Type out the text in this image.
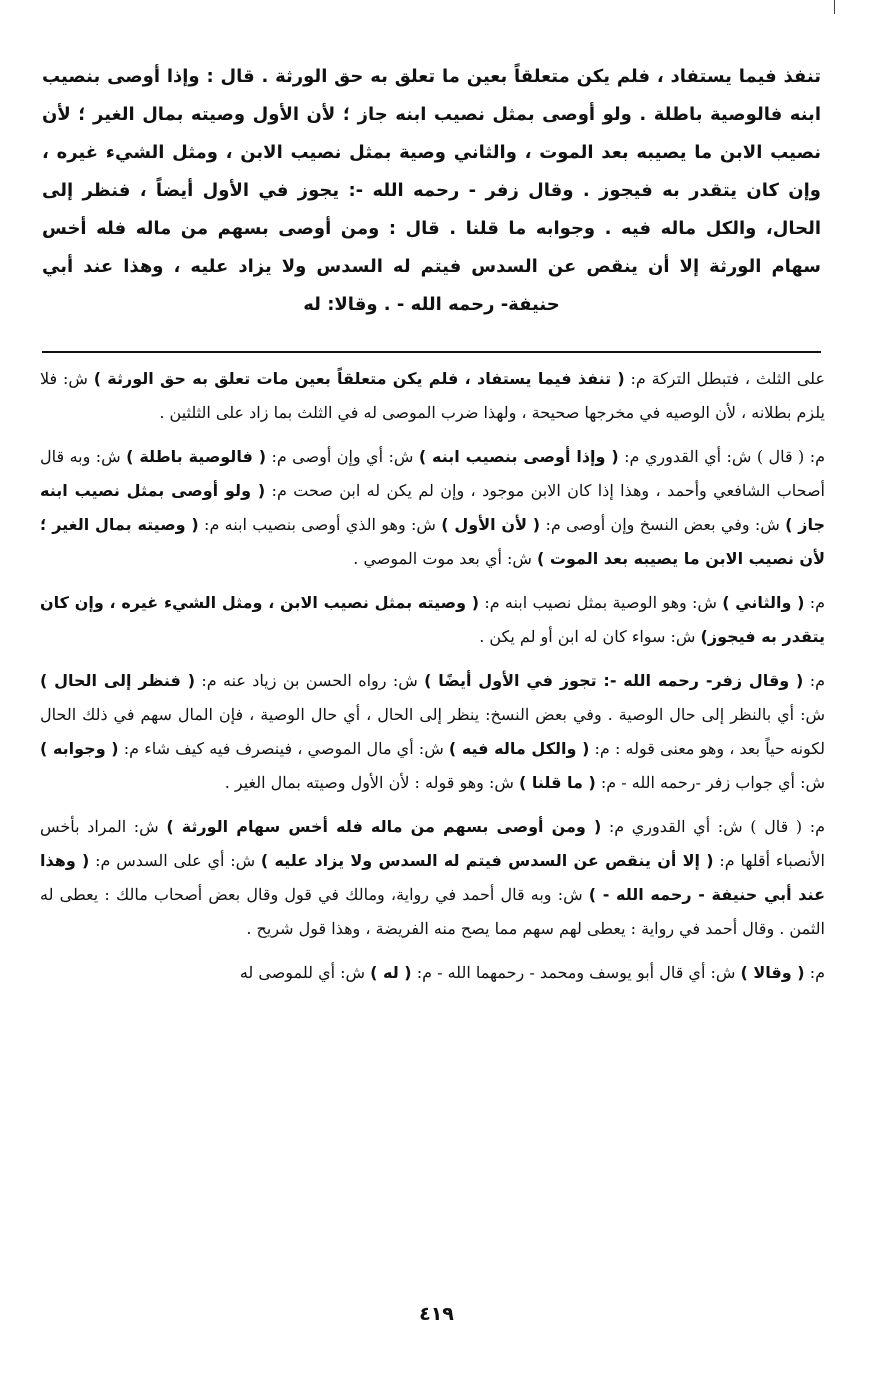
تنفذ فيما يستفاد ، فلم يكن متعلقاً بعين ما تعلق به حق الورثة . قال : وإذا أوصى بنصيب ابنه فالوصية باطلة . ولو أوصى بمثل نصيب ابنه جاز ؛ لأن الأول وصيته بمال الغير ؛ لأن نصيب الابن ما يصيبه بعد الموت ، والثاني وصية بمثل نصيب الابن ، ومثل الشيء غيره ، وإن كان يتقدر به فيجوز . وقال زفر - رحمه الله -: يجوز في الأول أيضاً ، فنظر إلى الحال، والكل ماله فيه . وجوابه ما قلنا . قال : ومن أوصى بسهم من ماله فله أخس سهام الورثة إلا أن ينقص عن السدس فيتم له السدس ولا يزاد عليه ، وهذا عند أبي حنيفة- رحمه الله - . وقالا: له

على الثلث ، فتبطل التركة م: ( تنفذ فيما يستفاد ، فلم يكن متعلقاً بعين مات تعلق به حق الورثة ) ش: فلا يلزم بطلانه ، لأن الوصيه في مخرجها صحيحة ، ولهذا ضرب الموصى له في الثلث بما زاد على الثلثين .

م: ( قال ) ش: أي القدوري م: ( وإذا أوصى بنصيب ابنه ) ش: أي وإن أوصى م: ( فالوصية باطلة ) ش: وبه قال أصحاب الشافعي وأحمد ، وهذا إذا كان الابن موجود ، وإن لم يكن له ابن صحت م: ( ولو أوصى بمثل نصيب ابنه جاز ) ش: وفي بعض النسخ وإن أوصى م: ( لأن الأول ) ش: وهو الذي أوصى بنصيب ابنه م: ( وصيته بمال الغير ؛ لأن نصيب الابن ما يصيبه بعد الموت ) ش: أي بعد موت الموصي .

م: ( والثاني ) ش: وهو الوصية بمثل نصيب ابنه م: ( وصيته بمثل نصيب الابن ، ومثل الشيء غيره ، وإن كان يتقدر به فيجوز) ش: سواء كان له ابن أو لم يكن .

م: ( وقال زفر- رحمه الله -: تجوز في الأول أيضًا ) ش: رواه الحسن بن زياد عنه م: ( فنظر إلى الحال ) ش: أي بالنظر إلى حال الوصية . وفي بعض النسخ: ينظر إلى الحال ، أي حال الوصية ، فإن المال سهم في ذلك الحال لكونه حياً بعد ، وهو معنى قوله : م: ( والكل ماله فيه ) ش: أي مال الموصي ، فينصرف فيه كيف شاء م: ( وجوابه ) ش: أي جواب زفر -رحمه الله - م: ( ما قلنا ) ش: وهو قوله : لأن الأول وصيته بمال الغير .

م: ( قال ) ش: أي القدوري م: ( ومن أوصى بسهم من ماله فله أخس سهام الورثة ) ش: المراد بأخس الأنصباء أقلها م: ( إلا أن ينقص عن السدس فيتم له السدس ولا يزاد عليه ) ش: أي على السدس م: ( وهذا عند أبي حنيفة - رحمه الله - ) ش: وبه قال أحمد في رواية، ومالك في قول وقال بعض أصحاب مالك : يعطى له الثمن . وقال أحمد في رواية : يعطى لهم سهم مما يصح منه الفريضة ، وهذا قول شريح .

م: ( وقالا ) ش: أي قال أبو يوسف ومحمد - رحمهما الله - م: ( له ) ش: أي للموصى له

٤١٩
